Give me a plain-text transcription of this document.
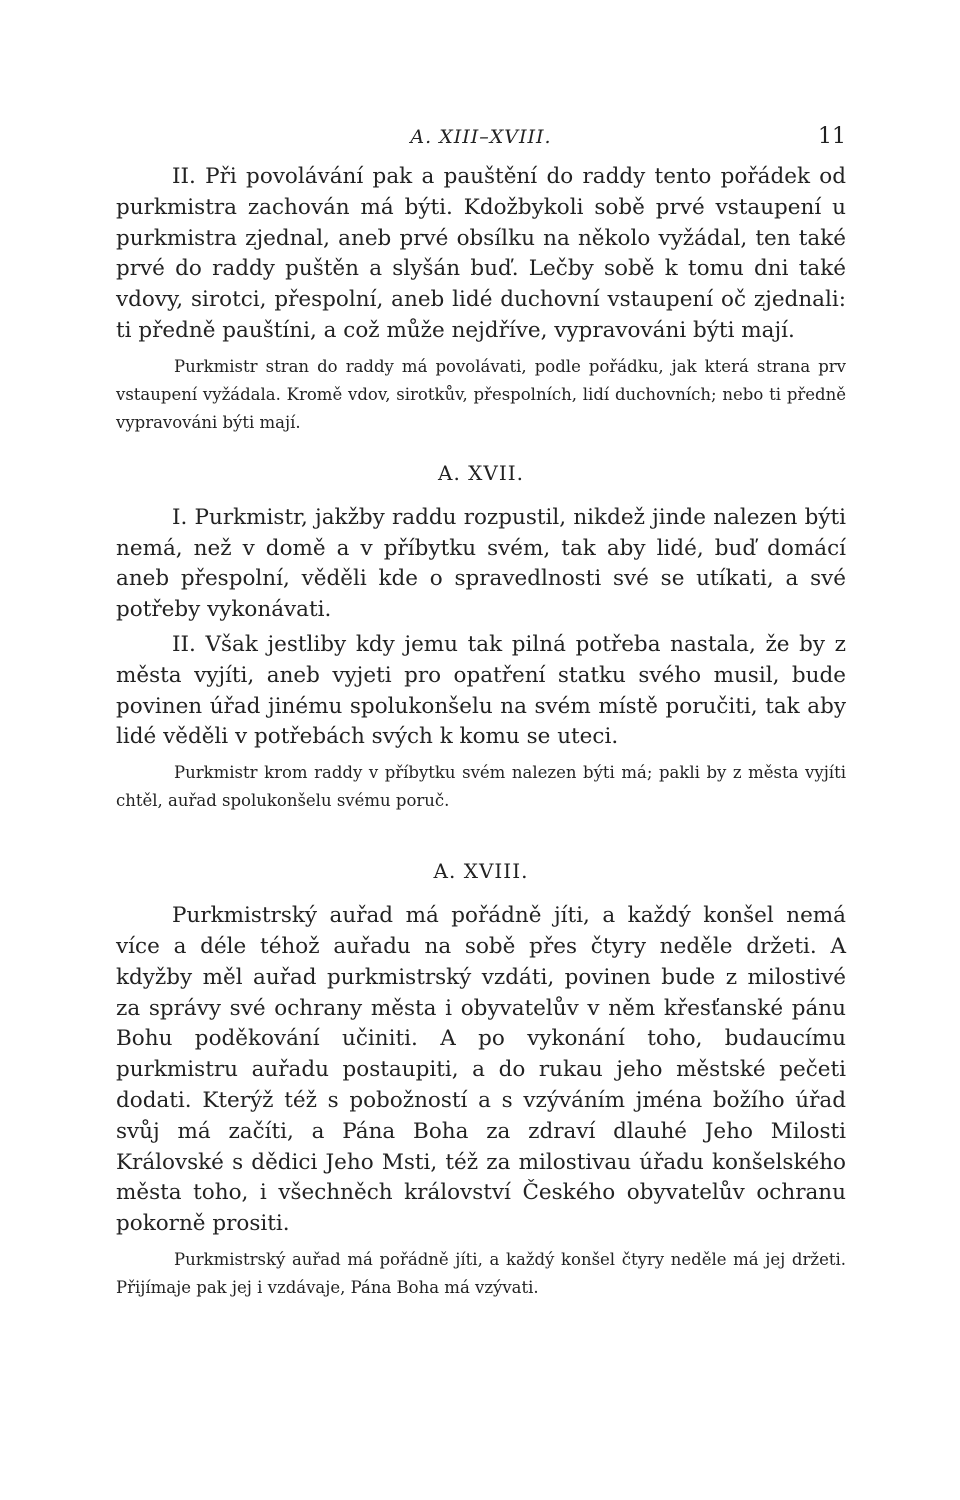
A. XIII–XVIII.	11

II. Při povolávání pak a pauštění do raddy tento pořádek od purkmistra zachován má býti. Kdožbykoli sobě prvé vstaupení u purkmistra zjednal, aneb prvé obsílku na několo vyžádal, ten také prvé do raddy puštěn a slyšán buď. Lečby sobě k tomu dni také vdovy, sirotci, přespolní, aneb lidé duchovní vstaupení oč zjednali: ti předně pauštíni, a což může nejdříve, vypravováni býti mají.

Purkmistr stran do raddy má povolávati, podle pořádku, jak která strana prv vstaupení vyžádala. Kromě vdov, sirotkův, přespolních, lidí duchovních; nebo ti předně vypravováni býti mají.

A. XVII.

I. Purkmistr, jakžby raddu rozpustil, nikdež jinde nalezen býti nemá, než v domě a v příbytku svém, tak aby lidé, buď domácí aneb přespolní, věděli kde o spravedlnosti své se utíkati, a své potřeby vykonávati.

II. Však jestliby kdy jemu tak pilná potřeba nastala, že by z města vyjíti, aneb vyjeti pro opatření statku svého musil, bude povinen úřad jinému spolukonšelu na svém místě poručiti, tak aby lidé věděli v potřebách svých k komu se uteci.

Purkmistr krom raddy v příbytku svém nalezen býti má; pakli by z města vyjíti chtěl, auřad spolukonšelu svému poruč.

A. XVIII.

Purkmistrský auřad má pořádně jíti, a každý konšel nemá více a déle téhož auřadu na sobě přes čtyry neděle držeti. A kdyžby měl auřad purkmistrský vzdáti, povinen bude z milostivé za správy své ochrany města i obyvatelův v něm křesťanské pánu Bohu poděkování učiniti. A po vykonání toho, budaucímu purkmistru auřadu postaupiti, a do rukau jeho městské pečeti dodati. Kterýž též s pobožností a s vzýváním jména božího úřad svůj má začíti, a Pána Boha za zdraví dlauhé Jeho Milosti Královské s dědici Jeho Msti, též za milostivau úřadu konšelského města toho, i všechněch království Českého obyvatelův ochranu pokorně prositi.

Purkmistrský auřad má pořádně jíti, a každý konšel čtyry neděle má jej držeti. Přijímaje pak jej i vzdávaje, Pána Boha má vzývati.
